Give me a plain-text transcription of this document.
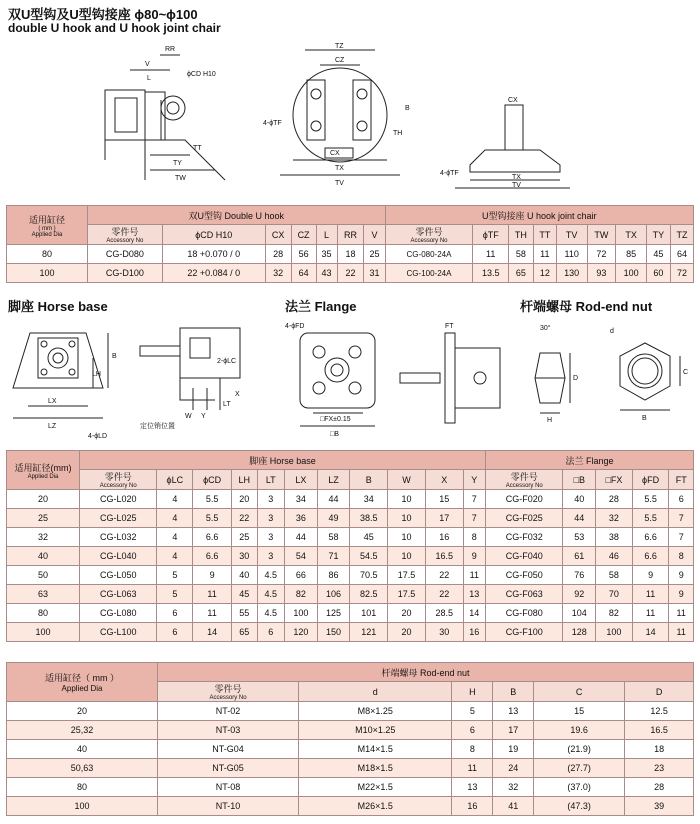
双U型钩及U型钩接座 ϕ80~ϕ100
double U hook and U hook joint chair
V
RR
L
ϕCD H10
TT
TY
TW
TZ
CZ
CX
4-ϕTF
TH
B
TX
TV
CX
4-ϕTF
TX
TV
适用缸径
( mm )
Applied Dia	双U型钩 Double U hook							U型钩接座 U hook joint chair								
	零件号
Accessory No	ϕCD H10	CX	CZ	L	RR	V	零件号
Accessory No	ϕTF	TH	TT	TV	TW	TX	TY	TZ
80	CG-D080	18 +0.070 / 0	28	56	35	18	25	CG-080-24A	11	58	11	110	72	85	45	64
100	CG-D100	22 +0.084 / 0	32	64	43	22	31	CG-100-24A	13.5	65	12	130	93	100	60	72
脚座 Horse base	法兰 Flange	杆端螺母 Rod-end nut
LH
LX
LZ
4-ϕLD
B
2-ϕLC
W Y
X
LT
定位销位置
4-ϕFD
□FX±0.15
□B
FT	30°
D
H
d
C
B
适用缸径(mm)
Applied Dia	脚座 Horse base											法兰 Flange				
	零件号
Accessory No	ϕLC	ϕCD	LH	LT	LX	LZ	B	W	X	Y	零件号
Accessory No	□B	□FX	ϕFD	FT
20	CG-L020	4	5.5	20	3	34	44	34	10	15	7	CG-F020	40	28	5.5	6
25	CG-L025	4	5.5	22	3	36	49	38.5	10	17	7	CG-F025	44	32	5.5	7
32	CG-L032	4	6.6	25	3	44	58	45	10	16	8	CG-F032	53	38	6.6	7
40	CG-L040	4	6.6	30	3	54	71	54.5	10	16.5	9	CG-F040	61	46	6.6	8
50	CG-L050	5	9	40	4.5	66	86	70.5	17.5	22	11	CG-F050	76	58	9	9
63	CG-L063	5	11	45	4.5	82	106	82.5	17.5	22	13	CG-F063	92	70	11	9
80	CG-L080	6	11	55	4.5	100	125	101	20	28.5	14	CG-F080	104	82	11	11
100	CG-L100	6	14	65	6	120	150	121	20	30	16	CG-F100	128	100	14	11
适用缸径（ mm ）
Applied Dia	杆端螺母 Rod-end nut					
	零件号
Accessory No	d	H	B	C	D
20	NT-02	M8×1.25	5	13	15	12.5
25,32	NT-03	M10×1.25	6	17	19.6	16.5
40	NT-G04	M14×1.5	8	19	(21.9)	18
50,63	NT-G05	M18×1.5	11	24	(27.7)	23
80	NT-08	M22×1.5	13	32	(37.0)	28
100	NT-10	M26×1.5	16	41	(47.3)	39
